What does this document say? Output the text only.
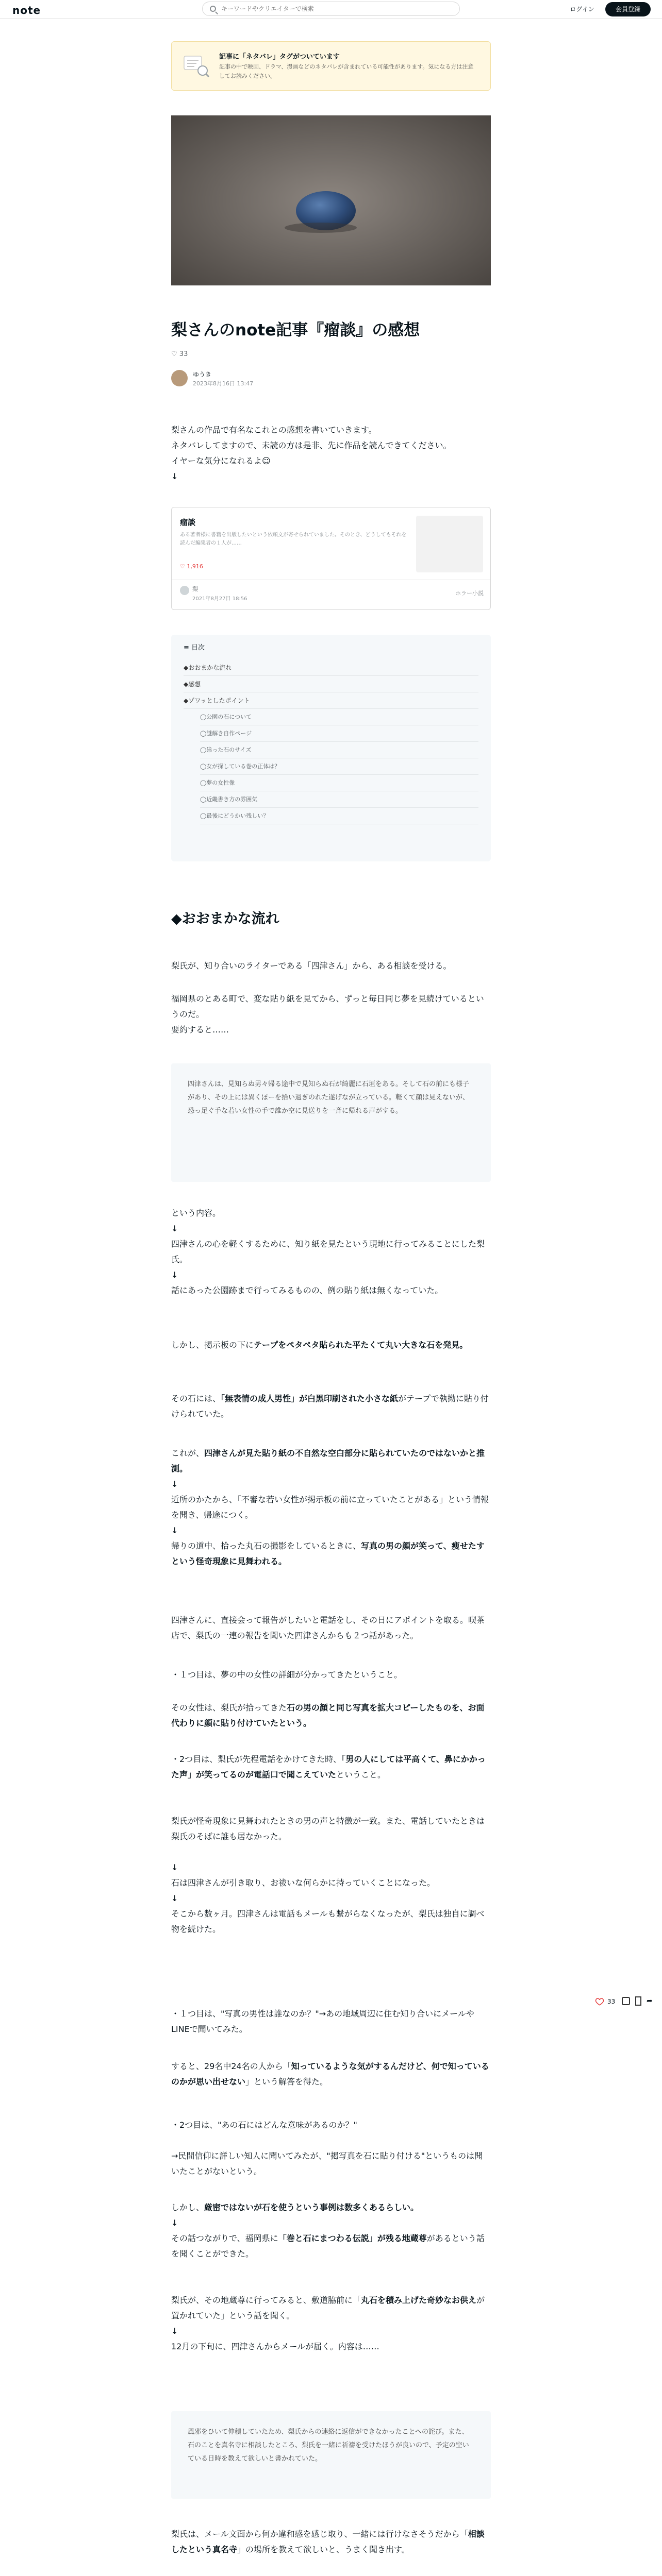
note
キーワードやクリエイターで検索	ログイン	会員登録
記事に「ネタバレ」タグがついています
記事の中で映画、ドラマ、漫画などのネタバレが含まれている可能性があります。気になる方は注意してお読みください。
梨さんのnote記事『瘤談』の感想
♡ 33
ゆうき
2023年8月16日 13:47
梨さんの作品で有名なこれとの感想を書いていきます。
ネタバレしてますので、未読の方は是非、先に作品を読んできてください。
イヤーな気分になれるよ☺
↓
瘤談
ある著者様に書籍を出版したいという依頼文が寄せられていました。そのとき、どうしてもそれを読んだ編集者の１人が……
♡ 1,916
梨
2021年8月27日 18:56
ホラー小説
≡ 目次
◆おおまかな流れ
◆感想
◆ゾワッとしたポイント
◯公園の石について
◯謎解き自作ページ
◯祟った石のサイズ
◯女が探している巻の正体は？
◯夢の女性像
◯近畿書き方の雰囲気
◯最後にどうかい残しい？
◆おおまかな流れ
梨氏が、知り合いのライターである「四津さん」から、ある相談を受ける。
福岡県のとある町で、変な貼り紙を見てから、ずっと毎日同じ夢を見続けているというのだ。
要約すると……
四津さんは、見知らぬ男々帰る途中で見知らぬ石が綺麗に石垣をある。そして石の前にも様子があり、その上には異くぽーを拾い過ぎのれた遂げなが立っている。軽くて顔は見えないが、恐っ足ぐ手な若い女性の手で誰か空に見送りを一斉に帰れる声がする。
という内容。
↓
四津さんの心を軽くするために、知り紙を見たという現地に行ってみることにした梨氏。
↓
話にあった公園跡まで行ってみるものの、例の貼り紙は無くなっていた。
しかし、掲示板の下にテープをペタペタ貼られた平たくて丸い大きな石を発見。
その石には、「無表情の成人男性」が白黒印刷された小さな紙がテープで執拗に貼り付けられていた。
これが、四津さんが見た貼り紙の不自然な空白部分に貼られていたのではないかと推測。
↓
近所のかたから、「不審な若い女性が掲示板の前に立っていたことがある」という情報を聞き、帰途につく。
↓
帰りの道中、拾った丸石の撮影をしているときに、写真の男の顔が笑って、痩せたすという怪奇現象に見舞われる。
四津さんに、直接会って報告がしたいと電話をし、その日にアポイントを取る。喫茶店で、梨氏の一連の報告を聞いた四津さんからも２つ話があった。
・１つ目は、夢の中の女性の詳細が分かってきたということ。
その女性は、梨氏が拾ってきた石の男の顔と同じ写真を拡大コピーしたものを、お面代わりに顔に貼り付けていたという。
・2つ目は、梨氏が先程電話をかけてきた時、「男の人にしては平高くて、鼻にかかった声」が笑ってるのが電話口で聞こえていたということ。
梨氏が怪奇現象に見舞われたときの男の声と特徴が一致。また、電話していたときは梨氏のそばに誰も居なかった。
↓
石は四津さんが引き取り、お祓いな何らかに持っていくことになった。
↓
そこから数ヶ月。四津さんは電話もメールも繋がらなくなったが、梨氏は独自に調べ物を続けた。
・１つ目は、"写真の男性は誰なのか？"→あの地域周辺に住む知り合いにメールやLINEで聞いてみた。
すると、29名中24名の人から「知っているような気がするんだけど、何で知っているのかが思い出せない」という解答を得た。
・2つ目は、"あの石にはどんな意味があるのか？"
→民間信仰に詳しい知人に聞いてみたが、"掲写真を石に貼り付ける"というものは聞いたことがないという。
しかし、厳密ではないが石を使うという事例は数多くあるらしい。
↓
その話つながりで、福岡県に「巻と石にまつわる伝説」が残る地蔵尊があるという話を聞くことができた。
梨氏が、その地蔵尊に行ってみると、敷道脇前に「丸石を積み上げた奇妙なお供えが置かれていた」という話を聞く。
↓
12月の下旬に、四津さんからメールが届く。内容は……
風邪をひいて伸積していたため、梨氏からの連絡に返信ができなかったことへの詫び。また、石のことを真名寺に相談したところ、梨氏を一緒に祈禱を受けたほうが良いので、予定の空いている日時を教えて欲しいと書かれていた。
梨氏は、メール文面から何か違和感を感じ取り、一緒には行けなさそうだから「相談したという真名寺」の場所を教えて欲しいと、うまく聞き出す。
33	➦
